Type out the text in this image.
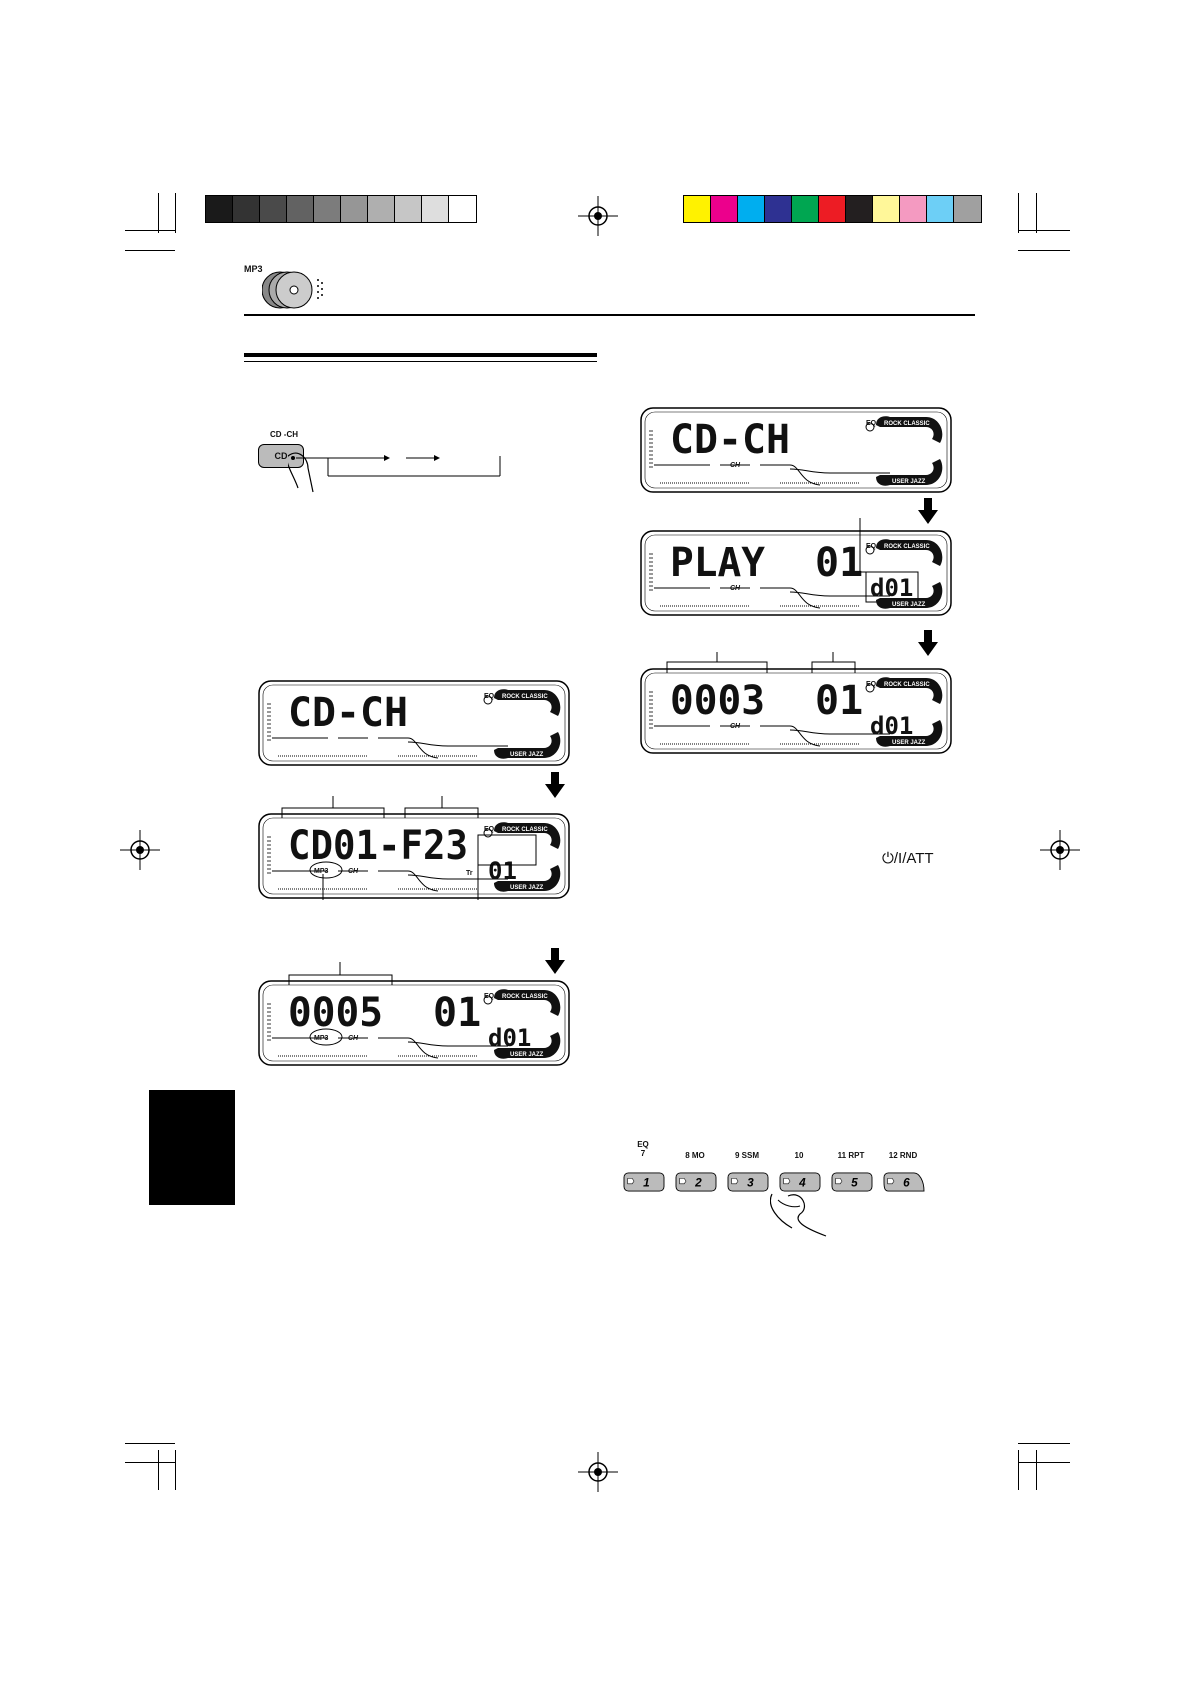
MP3
CD -CH
CD
CD-CH	ROCK CLASSIC
USER JAZZ
EQ
CD01-F23
01
Tr
MP3	CH
ROCK CLASSIC
USER JAZZ
EQ
0005 01
d01
MP3	CH
ROCK CLASSIC
USER JAZZ
EQ
CD-CH
CH
ROCK CLASSIC
USER JAZZ
EQ
PLAY 01
d01
CH
ROCK CLASSIC
USER JAZZ
EQ
0003 01
d01
CH
ROCK CLASSIC
USER JAZZ
EQ
⏻/I/ATT
EQ
7	8 MO	9 SSM	10	11 RPT	12 RND
1	2	3	4	5	6
